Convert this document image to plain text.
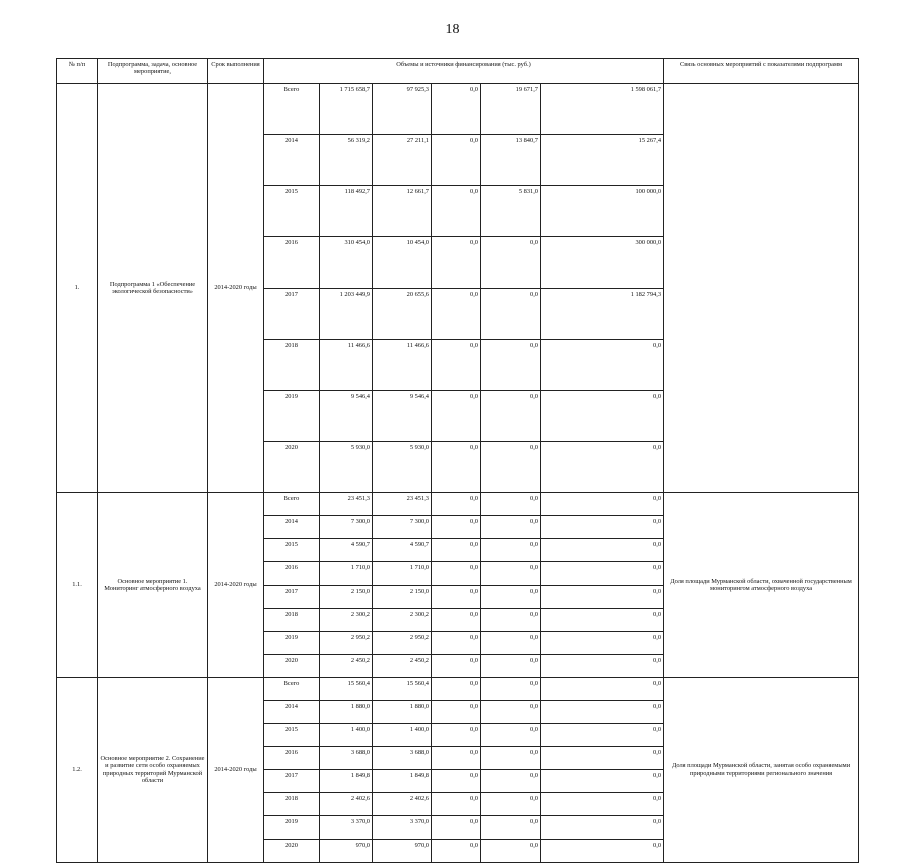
18
№ п/п	Подпрограмма, задача, основное мероприятие,	Срок выполнения	Объемы и источники финансирования (тыс. руб.)						Связь основных мероприятий с показателями подпрограмм	
1.	Подпрограмма 1 «Обеспечение экологической безопасности»	2014-2020 годы	Всего	1 715 658,7	97 925,3	0,0	19 671,7	1 598 061,7		
			2014	56 319,2	27 211,1	0,0	13 840,7	15 267,4		
			2015	118 492,7	12 661,7	0,0	5 831,0	100 000,0		
			2016	310 454,0	10 454,0	0,0	0,0	300 000,0		
			2017	1 203 449,9	20 655,6	0,0	0,0	1 182 794,3		
			2018	11 466,6	11 466,6	0,0	0,0	0,0		
			2019	9 546,4	9 546,4	0,0	0,0	0,0		
			2020	5 930,0	5 930,0	0,0	0,0	0,0		
1.1.	Основное мероприятие 1. Мониторинг атмосферного воздуха	2014-2020 годы	Всего	23 451,3	23 451,3	0,0	0,0	0,0	Доля площади Мурманской области, охваченной государственным мониторингом атмосферного воздуха	
			2014	7 300,0	7 300,0	0,0	0,0	0,0		
			2015	4 590,7	4 590,7	0,0	0,0	0,0		
			2016	1 710,0	1 710,0	0,0	0,0	0,0		
			2017	2 150,0	2 150,0	0,0	0,0	0,0		
			2018	2 300,2	2 300,2	0,0	0,0	0,0		
			2019	2 950,2	2 950,2	0,0	0,0	0,0		
			2020	2 450,2	2 450,2	0,0	0,0	0,0		
1.2.	Основное мероприятие 2. Сохранение и развитие сети особо охраняемых природных территорий Мурманской области	2014-2020 годы	Всего	15 560,4	15 560,4	0,0	0,0	0,0	Доля площади Мурманской области, занятая особо охраняемыми природными территориями регионального значения	
			2014	1 880,0	1 880,0	0,0	0,0	0,0		
			2015	1 400,0	1 400,0	0,0	0,0	0,0		
			2016	3 688,0	3 688,0	0,0	0,0	0,0		
			2017	1 849,8	1 849,8	0,0	0,0	0,0		
			2018	2 402,6	2 402,6	0,0	0,0	0,0		
			2019	3 370,0	3 370,0	0,0	0,0	0,0		
			2020	970,0	970,0	0,0	0,0	0,0		
